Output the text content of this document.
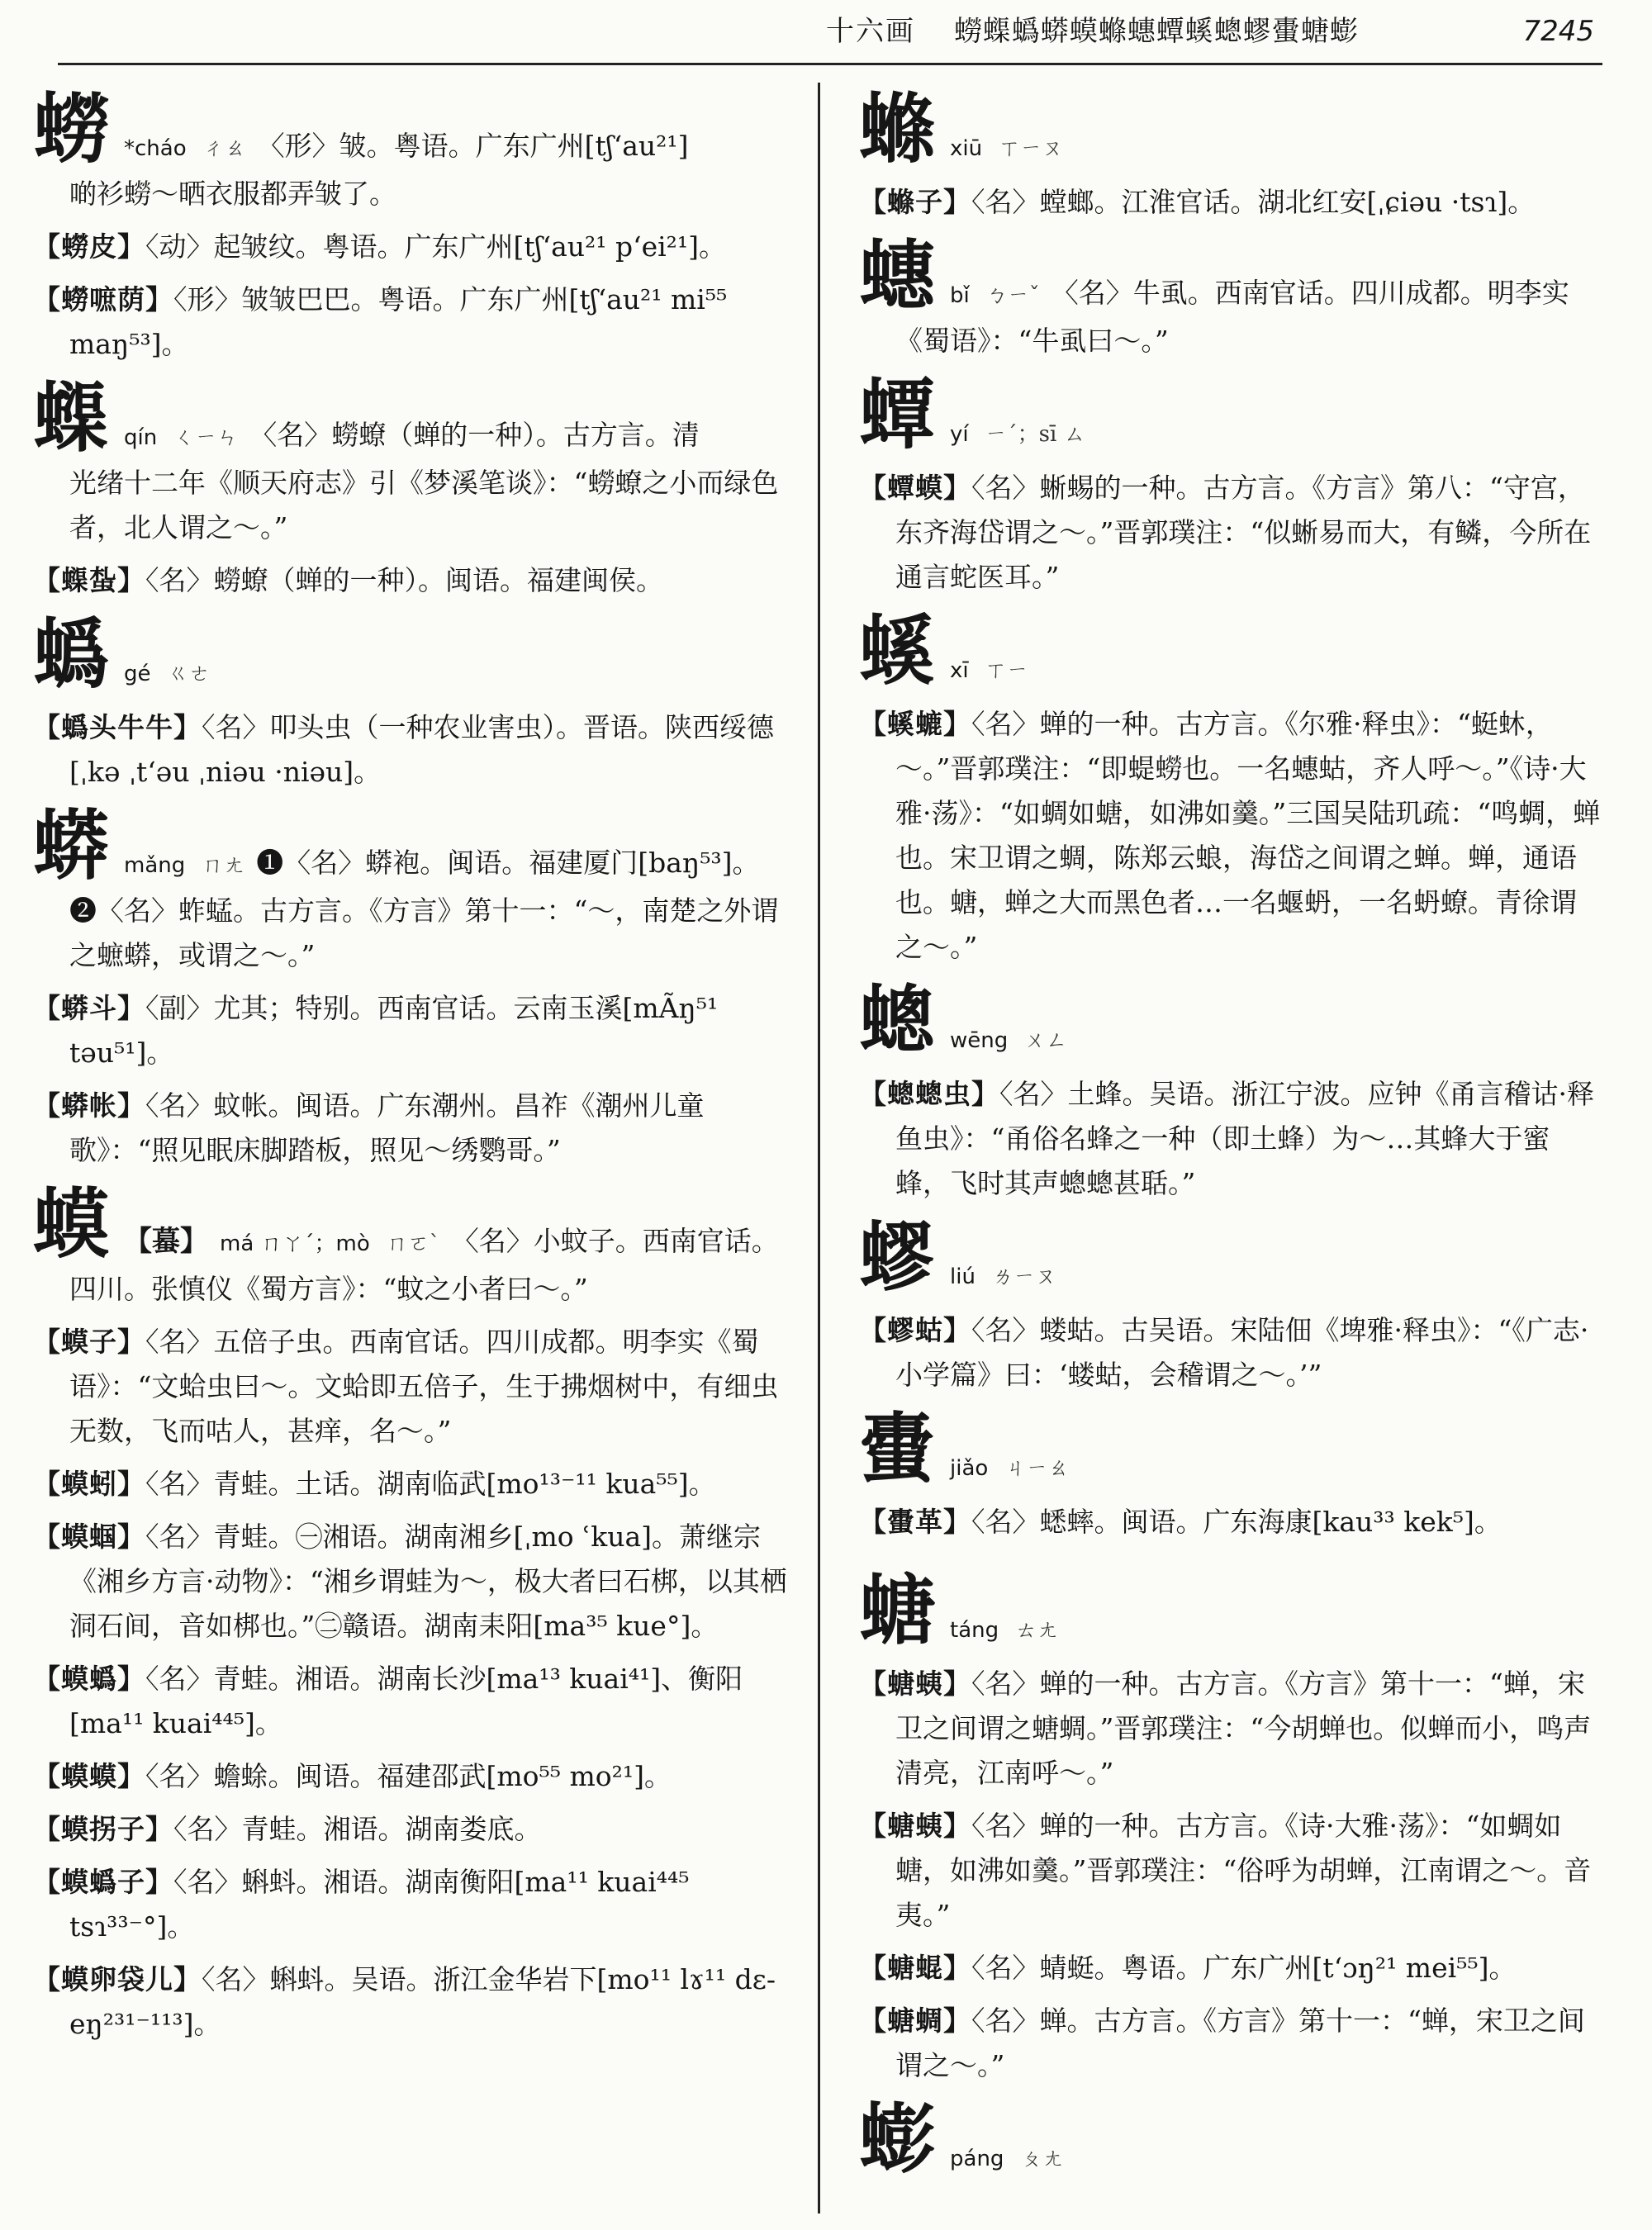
十六画 蟧蟝蟡蟒蟆螩蟪蟫螇蟌蟉蟗螗蟛	7245
蟧 *cháo ㄔㄠ 〈形〉皱。粤语。广东广州[tʃʻau²¹]

啲衫蟧～晒衣服都弄皱了。

【蟧皮】〈动〉起皱纹。粤语。广东广州[tʃʻau²¹ pʻei²¹]。

【蟧嗻荫】〈形〉皱皱巴巴。粤语。广东广州[tʃʻau²¹ mi⁵⁵ maŋ⁵³]。

蟝 qín ㄑㄧㄣ 〈名〉蟧蟟（蝉的一种）。古方言。清

光绪十二年《顺天府志》引《梦溪笔谈》：“蟧蟟之小而绿色者，北人谓之～。”

【蟝蚻】〈名〉蟧蟟（蝉的一种）。闽语。福建闽侯。

蟡 gé ㄍㄜ

【蟡头牛牛】〈名〉叩头虫（一种农业害虫）。晋语。陕西绥德[ˌkə ˌtʻəu ˌniəu ·niəu]。

蟒 mǎng ㄇㄤ ❶〈名〉蟒袍。闽语。福建厦门[baŋ⁵³]。

❷〈名〉蚱蜢。古方言。《方言》第十一：“～，南楚之外谓之蟅蟒，或谓之～。”

【蟒斗】〈副〉尤其；特别。西南官话。云南玉溪[mÃŋ⁵¹ təu⁵¹]。

【蟒帐】〈名〉蚊帐。闽语。广东潮州。昌祚《潮州儿童歌》：“照见眠床脚踏板，照见～绣鹦哥。”

蟆 【蟇】 má ㄇㄚˊ；mò ㄇㄛˋ 〈名〉小蚊子。西南官话。

四川。张慎仪《蜀方言》：“蚊之小者曰～。”

【蟆子】〈名〉五倍子虫。西南官话。四川成都。明李实《蜀语》：“文蛤虫曰～。文蛤即五倍子，生于拂烟树中，有细虫无数，飞而咕人，甚痒，名～。”

【蟆蚓】〈名〉青蛙。土话。湖南临武[mo¹³⁻¹¹ kua⁵⁵]。

【蟆蝈】〈名〉青蛙。㊀湘语。湖南湘乡[ˌmo ʿkua]。萧继宗《湘乡方言·动物》：“湘乡谓蛙为～，极大者曰石梆，以其栖洞石间，音如梆也。”㊁赣语。湖南耒阳[ma³⁵ kue°]。

【蟆蟡】〈名〉青蛙。湘语。湖南长沙[ma¹³ kuai⁴¹]、衡阳[ma¹¹ kuai⁴⁴⁵]。

【蟆蟆】〈名〉蟾蜍。闽语。福建邵武[mo⁵⁵ mo²¹]。

【蟆拐子】〈名〉青蛙。湘语。湖南娄底。

【蟆蟡子】〈名〉蝌蚪。湘语。湖南衡阳[ma¹¹ kuai⁴⁴⁵ tsɿ³³⁻°]。

【蟆卵袋儿】〈名〉蝌蚪。吴语。浙江金华岩下[mo¹¹ lɤ¹¹ dɛ-eŋ²³¹⁻¹¹³]。

螩 xiū ㄒㄧㄡ

【螩子】〈名〉螳螂。江淮官话。湖北红安[ˌɕiəu ·tsɿ]。

蟪 bǐ ㄅㄧˇ 〈名〉牛虱。西南官话。四川成都。明李实

《蜀语》：“牛虱曰～。”

蟫 yí ㄧˊ；sī ㄙ

【蟫蟆】〈名〉蜥蜴的一种。古方言。《方言》第八：“守宫，东齐海岱谓之～。”晋郭璞注：“似蜥易而大，有鳞，今所在通言蛇医耳。”

螇 xī ㄒㄧ

【螇螰】〈名〉蝉的一种。古方言。《尔雅·释虫》：“蜓蚞，～。”晋郭璞注：“即蝭蟧也。一名蟪蛄，齐人呼～。”《诗·大雅·荡》：“如蜩如螗，如沸如羹。”三国吴陆玑疏：“鸣蜩，蝉也。宋卫谓之蜩，陈郑云蜋，海岱之间谓之蝉。蝉，通语也。螗，蝉之大而黑色者…一名蝘蚒，一名蚒蟟。青徐谓之～。”

蟌 wēng ㄨㄥ

【蟌蟌虫】〈名〉土蜂。吴语。浙江宁波。应钟《甬言稽诂·释鱼虫》：“甬俗名蜂之一种（即土蜂）为～…其蜂大于蜜蜂，飞时其声蟌蟌甚聒。”

蟉 liú ㄌㄧㄡ

【蟉蛄】〈名〉蝼蛄。古吴语。宋陆佃《埤雅·释虫》：“《广志·小学篇》曰：‘蝼蛄，会稽谓之～。’”

蟗 jiǎo ㄐㄧㄠ

【蟗革】〈名〉蟋蟀。闽语。广东海康[kau³³ kek⁵]。

螗 táng ㄊㄤ

【螗蛦】〈名〉蝉的一种。古方言。《方言》第十一：“蝉，宋卫之间谓之螗蜩。”晋郭璞注：“今胡蝉也。似蝉而小，鸣声清亮，江南呼～。”

【螗蛦】〈名〉蝉的一种。古方言。《诗·大雅·荡》：“如蜩如螗，如沸如羹。”晋郭璞注：“俗呼为胡蝉，江南谓之～。音夷。”

【螗蜫】〈名〉蜻蜓。粤语。广东广州[tʻɔŋ²¹ mei⁵⁵]。

【螗蜩】〈名〉蝉。古方言。《方言》第十一：“蝉，宋卫之间谓之～。”

蟛 páng ㄆㄤ
